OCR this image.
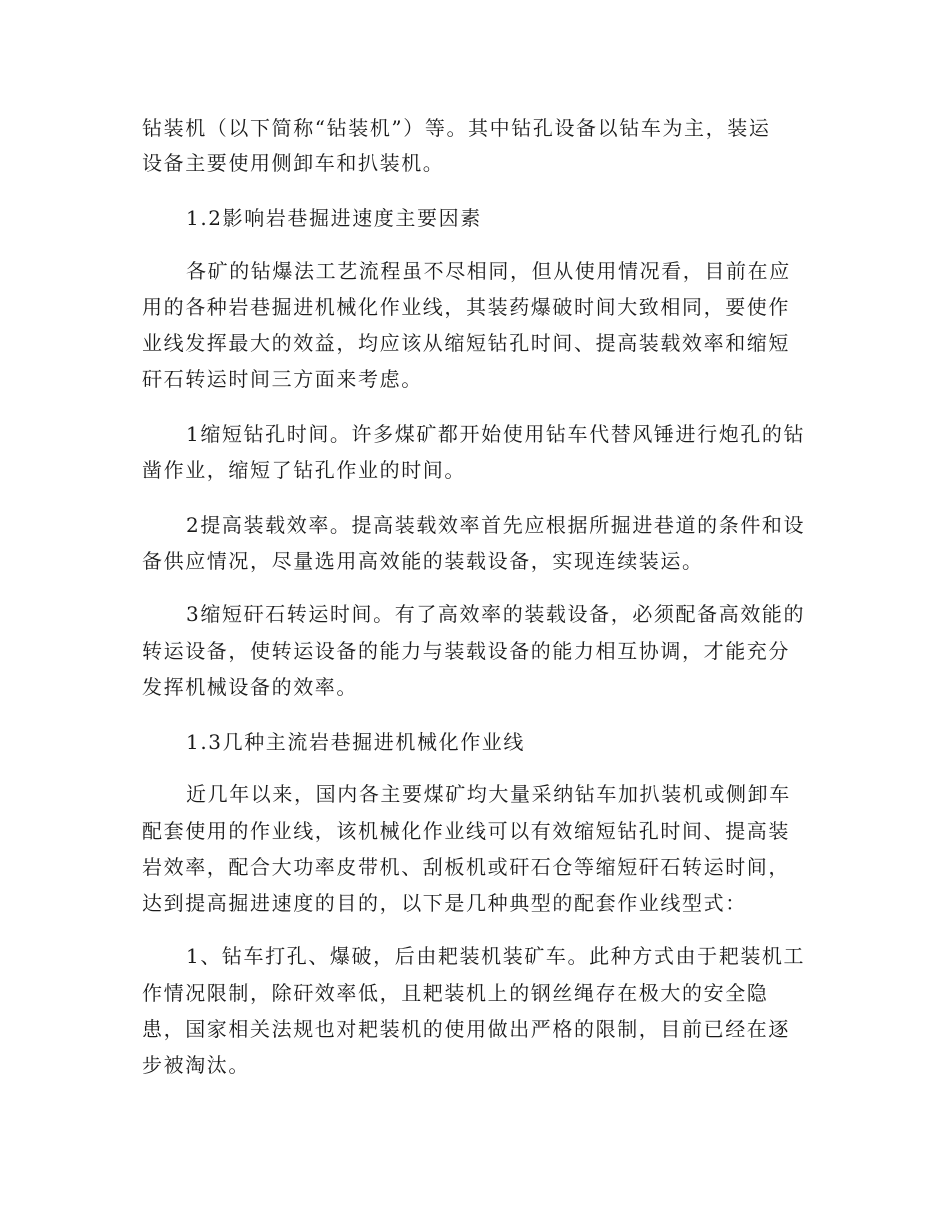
钻装机（以下简称“钻装机”）等。其中钻孔设备以钻车为主，装运
设备主要使用侧卸车和扒装机。
1.2影响岩巷掘进速度主要因素
各矿的钻爆法工艺流程虽不尽相同，但从使用情况看，目前在应
用的各种岩巷掘进机械化作业线，其装药爆破时间大致相同，要使作
业线发挥最大的效益，均应该从缩短钻孔时间、提高装载效率和缩短
矸石转运时间三方面来考虑。
1缩短钻孔时间。许多煤矿都开始使用钻车代替风锤进行炮孔的钻
凿作业，缩短了钻孔作业的时间。
2提高装载效率。提高装载效率首先应根据所掘进巷道的条件和设
备供应情况，尽量选用高效能的装载设备，实现连续装运。
3缩短矸石转运时间。有了高效率的装载设备，必须配备高效能的
转运设备，使转运设备的能力与装载设备的能力相互协调，才能充分
发挥机械设备的效率。
1.3几种主流岩巷掘进机械化作业线
近几年以来，国内各主要煤矿均大量采纳钻车加扒装机或侧卸车
配套使用的作业线，该机械化作业线可以有效缩短钻孔时间、提高装
岩效率，配合大功率皮带机、刮板机或矸石仓等缩短矸石转运时间，
达到提高掘进速度的目的，以下是几种典型的配套作业线型式：
1、钻车打孔、爆破，后由耙装机装矿车。此种方式由于耙装机工
作情况限制，除矸效率低，且耙装机上的钢丝绳存在极大的安全隐
患，国家相关法规也对耙装机的使用做出严格的限制，目前已经在逐
步被淘汰。
